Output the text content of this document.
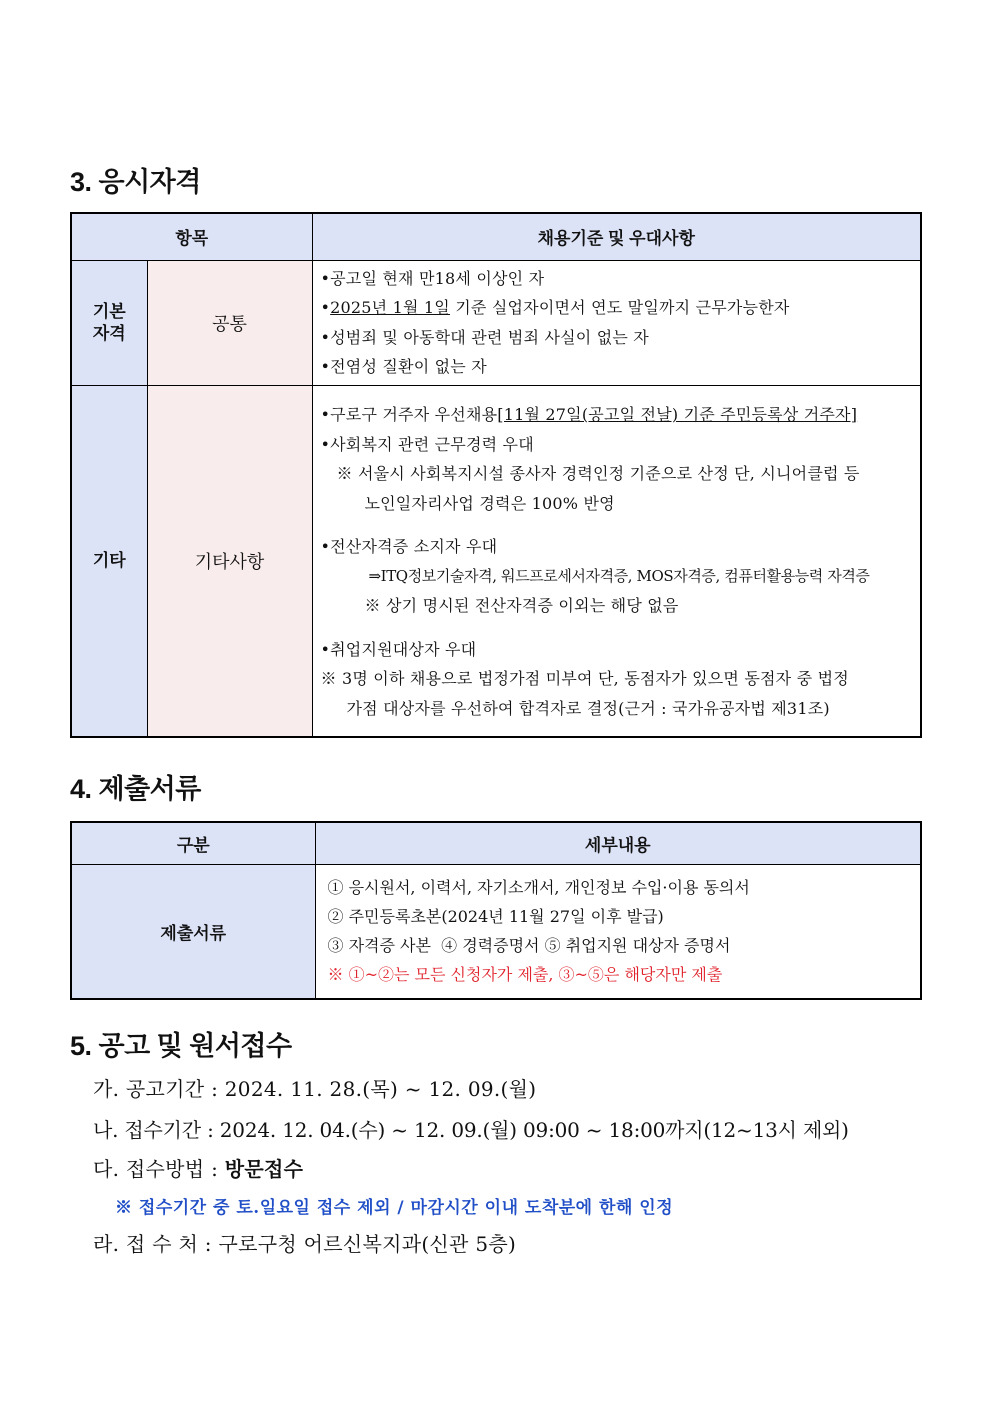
3. 응시자격
항목		채용기준 및 우대사항

기본
자격	공통	
•공고일 현재 만18세 이상인 자
•2025년 1월 1일 기준 실업자이면서 연도 말일까지 근무가능한자
•성범죄 및 아동학대 관련 범죄 사실이 없는 자
•전염성 질환이 없는 자

기타	기타사항	
•구로구 거주자 우선채용[11월 27일(공고일 전날) 기준 주민등록상 거주자]
•사회복지 관련 근무경력 우대
※ 서울시 사회복지시설 종사자 경력인정 기준으로 산정 단, 시니어클럽 등
노인일자리사업 경력은 100% 반영
•전산자격증 소지자 우대
⇒ITQ정보기술자격, 워드프로세서자격증, MOS자격증, 컴퓨터활용능력 자격증
※ 상기 명시된 전산자격증 이외는 해당 없음
•취업지원대상자 우대
※ 3명 이하 채용으로 법정가점 미부여 단, 동점자가 있으면 동점자 중 법정
가점 대상자를 우선하여 합격자로 결정(근거 : 국가유공자법 제31조)
4. 제출서류
구분	세부내용
제출서류	① 응시원서, 이력서, 자기소개서, 개인정보 수입·이용 동의서
② 주민등록초본(2024년 11월 27일 이후 발급)
③ 자격증 사본  ④ 경력증명서 ⑤ 취업지원 대상자 증명서
※ ①~②는 모든 신청자가 제출, ③~⑤은 해당자만 제출
5. 공고 및 원서접수
가. 공고기간 : 2024. 11. 28.(목) ~ 12. 09.(월)
나. 접수기간 : 2024. 12. 04.(수) ~ 12. 09.(월) 09:00 ~ 18:00까지(12~13시 제외)
다. 접수방법 : 방문접수
※ 접수기간 중 토.일요일 접수 제외 / 마감시간 이내 도착분에 한해 인정
라. 접 수 처 : 구로구청 어르신복지과(신관 5층)
